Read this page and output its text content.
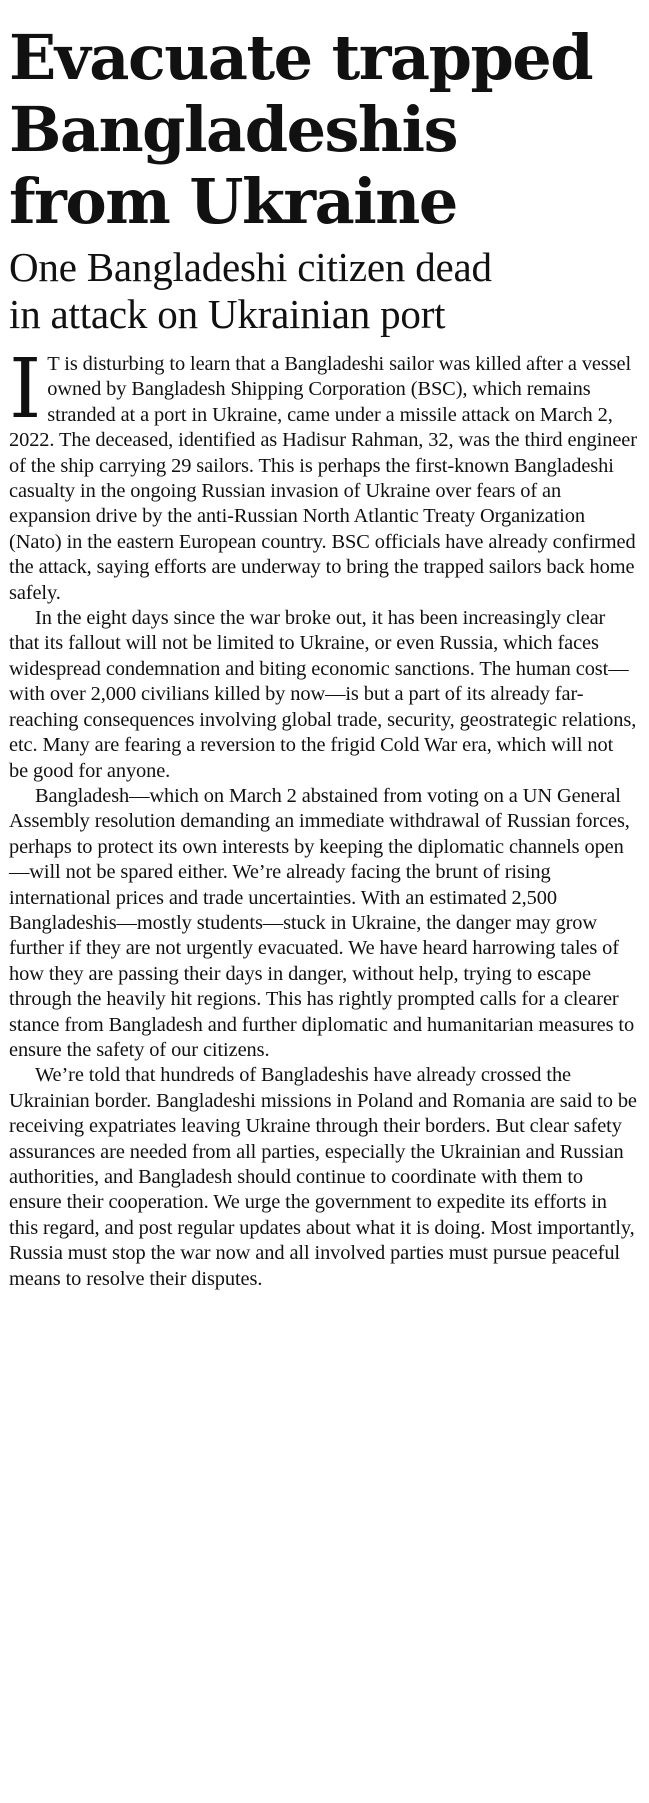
Evacuate trapped
Bangladeshis
from Ukraine
One Bangladeshi citizen dead
in attack on Ukrainian port

I T is disturbing to learn that a Bangladeshi sailor was killed after a vessel owned by Bangladesh Shipping Corporation (BSC), which remains stranded at a port in Ukraine, came under a missile attack on March 2, 2022. The deceased, identified as Hadisur Rahman, 32, was the third engineer of the ship carrying 29 sailors. This is perhaps the first-known Bangladeshi casualty in the ongoing Russian invasion of Ukraine over fears of an expansion drive by the anti-Russian North Atlantic Treaty Organization (Nato) in the eastern European country. BSC officials have already confirmed the attack, saying efforts are underway to bring the trapped sailors back home safely.

In the eight days since the war broke out, it has been increasingly clear that its fallout will not be limited to Ukraine, or even Russia, which faces widespread condemnation and biting economic sanctions. The human cost—with over 2,000 civilians killed by now—is but a part of its already far-reaching consequences involving global trade, security, geostrategic relations, etc. Many are fearing a reversion to the frigid Cold War era, which will not be good for anyone.

Bangladesh—which on March 2 abstained from voting on a UN General Assembly resolution demanding an immediate withdrawal of Russian forces, perhaps to protect its own interests by keeping the diplomatic channels open—will not be spared either. We’re already facing the brunt of rising international prices and trade uncertainties. With an estimated 2,500 Bangladeshis—mostly students—stuck in Ukraine, the danger may grow further if they are not urgently evacuated. We have heard harrowing tales of how they are passing their days in danger, without help, trying to escape through the heavily hit regions. This has rightly prompted calls for a clearer stance from Bangladesh and further diplomatic and humanitarian measures to ensure the safety of our citizens.

We’re told that hundreds of Bangladeshis have already crossed the Ukrainian border. Bangladeshi missions in Poland and Romania are said to be receiving expatriates leaving Ukraine through their borders. But clear safety assurances are needed from all parties, especially the Ukrainian and Russian authorities, and Bangladesh should continue to coordinate with them to ensure their cooperation. We urge the government to expedite its efforts in this regard, and post regular updates about what it is doing. Most importantly, Russia must stop the war now and all involved parties must pursue peaceful means to resolve their disputes.
